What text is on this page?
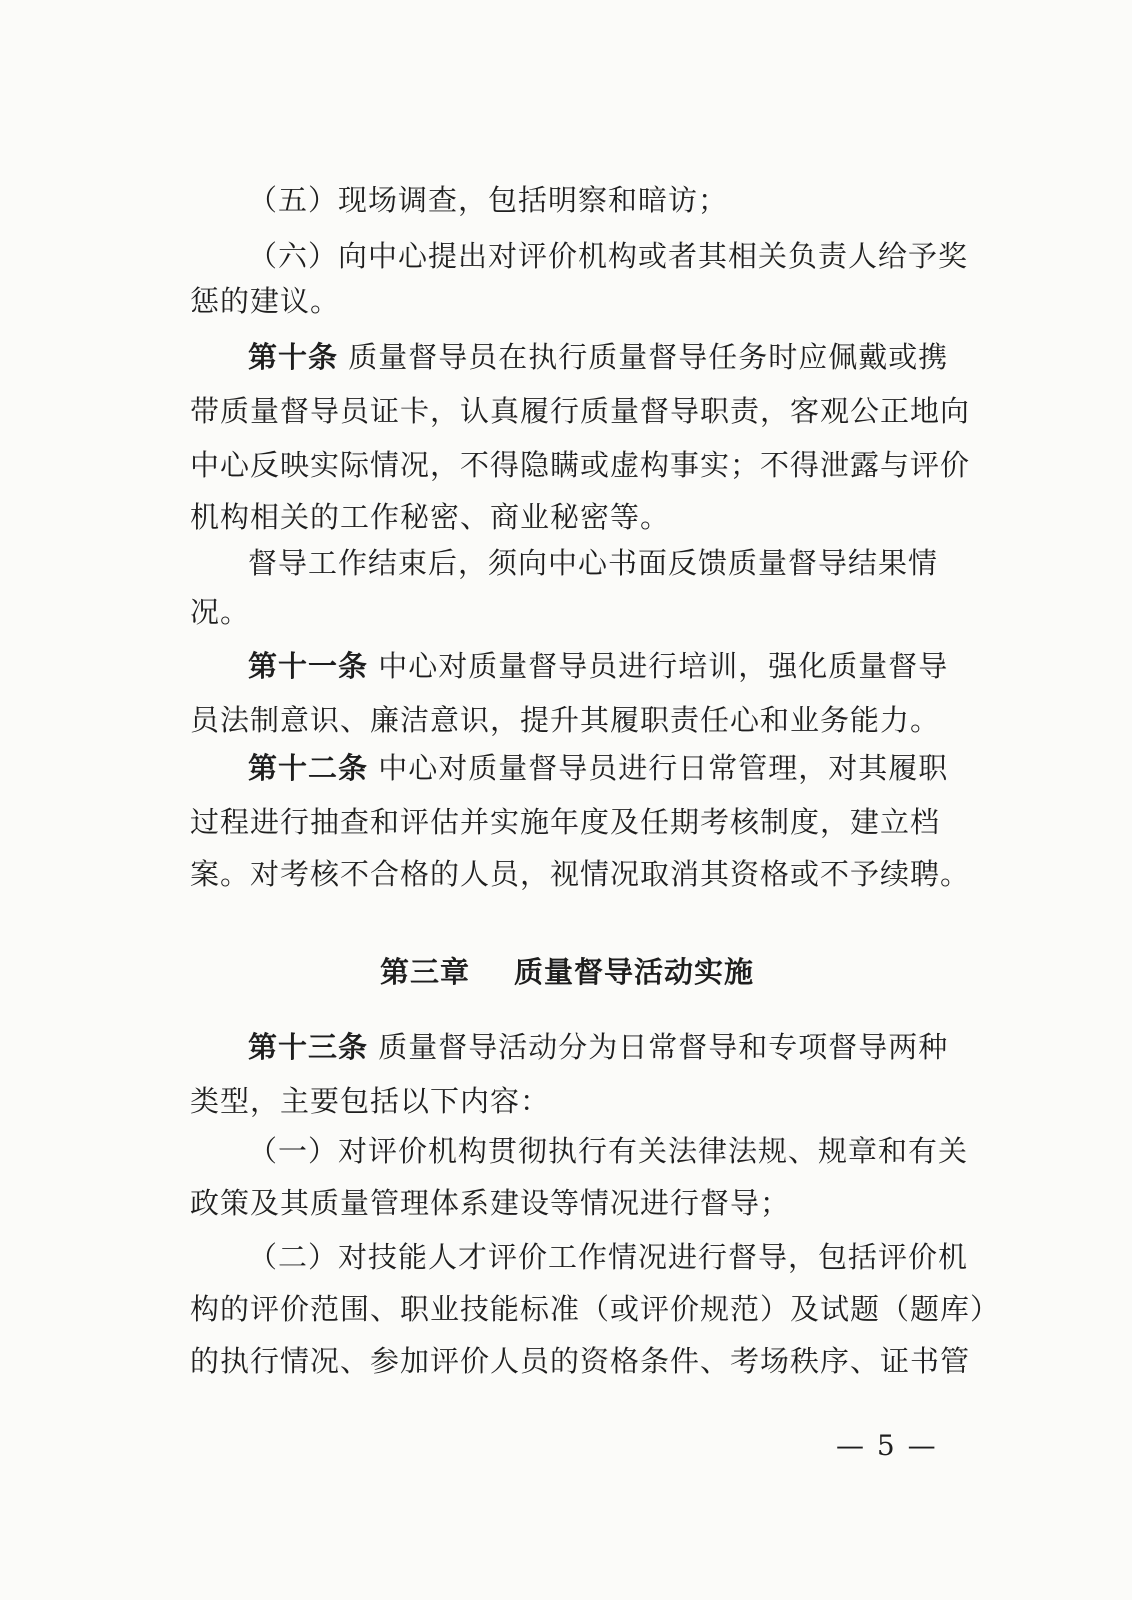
（五）现场调查，包括明察和暗访；
（六）向中心提出对评价机构或者其相关负责人给予奖
惩的建议。
第十条 质量督导员在执行质量督导任务时应佩戴或携
带质量督导员证卡，认真履行质量督导职责，客观公正地向
中心反映实际情况，不得隐瞒或虚构事实；不得泄露与评价
机构相关的工作秘密、商业秘密等。
督导工作结束后，须向中心书面反馈质量督导结果情
况。
第十一条 中心对质量督导员进行培训，强化质量督导
员法制意识、廉洁意识，提升其履职责任心和业务能力。
第十二条 中心对质量督导员进行日常管理，对其履职
过程进行抽查和评估并实施年度及任期考核制度，建立档
案。对考核不合格的人员，视情况取消其资格或不予续聘。
第十三条 质量督导活动分为日常督导和专项督导两种
类型，主要包括以下内容：
（一）对评价机构贯彻执行有关法律法规、规章和有关
政策及其质量管理体系建设等情况进行督导；
（二）对技能人才评价工作情况进行督导，包括评价机
构的评价范围、职业技能标准（或评价规范）及试题（题库）
的执行情况、参加评价人员的资格条件、考场秩序、证书管
第三章 质量督导活动实施
— 5 —
